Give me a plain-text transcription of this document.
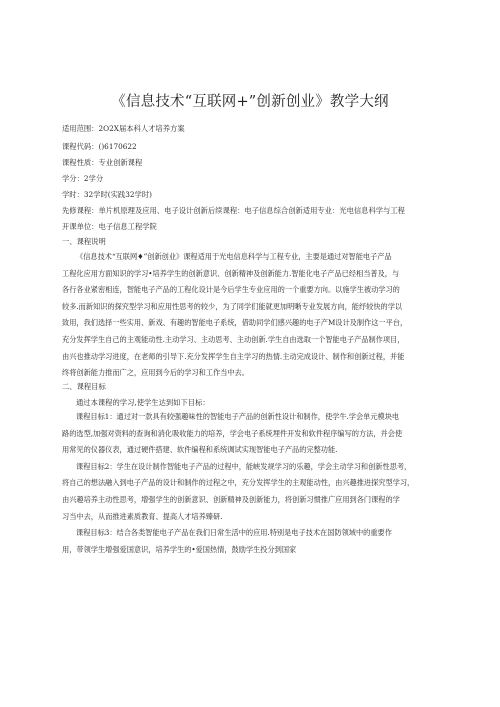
《信息技术“互联网+”创新创业》教学大纲
适用范围：2O2X届本科人才培养方案
课程代码：()6170622
课程性质：专业创新课程
学分：2学分
学时：32学时(实践32学时)
先修课程：单片机原理及应用、电子设计创新后续课程：电子信息综合创新适用专业：光电信息科学与工程
开课单位：电子信息工程学院
一、课程说明
《信息技术“互联网♦”创新创业》课程适用于光电信息科学与工程专业，主要是通过对智能电子产品
工程化应用方面知识的学习•培养学生的创新意识、创新精神及创新能力.智能化电子产品已经相当普及，与
各行各业紧密相连，智能电子产品的工程化设计是今后学生专业应用的一个重要方向。以施学生被动学习的
较多.而新知识的探究型学习和应用性思考的较少，为了同学们能就更加明晰专业发展方向，能纾较快的学以
致用，我们选择一些实用、新戏、有趣的智能电子系统，借助同学们感兴趣的电子产M设计及制作这一平台，
充分发挥学生自己的主观能动性.主动学习、主动思考、主动创新.学生自由选取一个智能电子产品制作项目，
由兴也推动学习进度，在老师的引导下.充分发挥学生自主学习的热情.主动完成设计、制作和创新过程，并能
终将创新能力推而广之，应用到今后的学习和工作当中去。
二、课程目标
通过本课程的学习,使学生达到如下目标：
课程目标1：通过对一款具有较强趣味性的智能电子产品的创新性设计和制作，使学牛.学会单元模块电
路的选型,加强对资料的查询和消化吸收能力的培养，学会电子系统埋件开发和软件程序编写的方法，并会使
用常见的仪器仪表，通过硬件搭建、软件编程和系统调试实现智能电子产品的完整功能.
课程目标2：学生在设计制作智能电子产品的过程中，能峡发规学习的乐趣，学会主动学习和创新性思考，
将自己的想法融入到电子产品的设计和制作的过程之中，充分发挥学生的主观能动性，由兴趣推进探究型学习，
由兴趣培养主动性思考，增强学生的创新意识、创新精神及创新能力，将创新习惯推广应用到各门课程的学
习当中去，从而推进素质教育、提高人才培养臻研.
课程目标3：结合各类智能电子产品在我们日常生活中的应用.特别是电子技术在国防领域中的重要作
用，带领学生增强爱国意识，培养学生的•爱国热情，鼓励学生投分到国家
